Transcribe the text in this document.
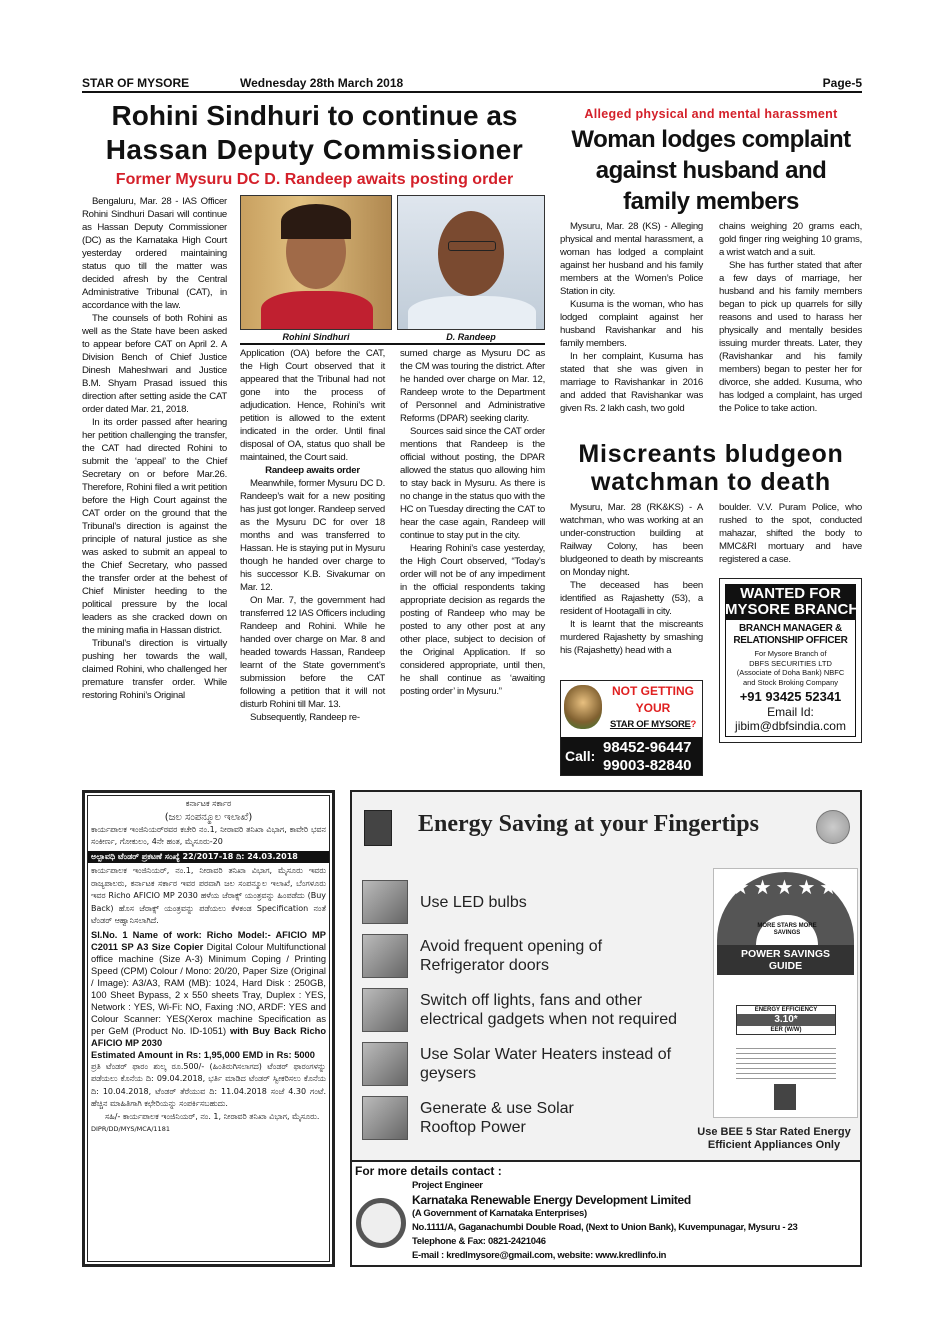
STAR OF MYSORE	Wednesday 28th March 2018	Page-5
Rohini Sindhuri to continue as
Hassan Deputy Commissioner
Former Mysuru DC D. Randeep awaits posting order

Bengaluru, Mar. 28 - IAS Officer Rohini Sindhuri Dasari will continue as Hassan Deputy Commissioner (DC) as the Karnataka High Court yesterday ordered maintaining status quo till the matter was decided afresh by the Central Administrative Tribunal (CAT), in accordance with the law.

The counsels of both Rohini as well as the State have been asked to appear before CAT on April 2. A Division Bench of Chief Justice Dinesh Maheshwari and Justice B.M. Shyam Prasad issued this direction after setting aside the CAT order dated Mar. 21, 2018.

In its order passed after hearing her petition challenging the transfer, the CAT had directed Rohini to submit the ‘appeal’ to the Chief Secretary on or before Mar.26. Therefore, Rohini filed a writ petition before the High Court against the CAT order on the ground that the Tribunal’s direction is against the principle of natural justice as she was asked to submit an appeal to the Chief Secretary, who passed the transfer order at the behest of Chief Minister heeding to the political pressure by the local leaders as she cracked down on the mining mafia in Hassan district.

Tribunal’s direction is virtually pushing her towards the wall, claimed Rohini, who challenged her premature transfer order. While restoring Rohini’s Original

Rohini Sindhuri	D. Randeep

Application (OA) before the CAT, the High Court observed that it appeared that the Tribunal had not gone into the process of adjudication. Hence, Rohini’s writ petition is allowed to the extent indicated in the order. Until final disposal of OA, status quo shall be maintained, the Court said.

Randeep awaits order

Meanwhile, former Mysuru DC D. Randeep’s wait for a new positing has just got longer. Randeep served as the Mysuru DC for over 18 months and was transferred to Hassan. He is staying put in Mysuru though he handed over charge to his successor K.B. Sivakumar on Mar. 12.

On Mar. 7, the government had transferred 12 IAS Officers including Randeep and Rohini. While he handed over charge on Mar. 8 and headed towards Hassan, Randeep learnt of the State government’s submission before the CAT following a petition that it will not disturb Rohini till Mar. 13.

Subsequently, Randeep re-

sumed charge as Mysuru DC as the CM was touring the district. After he handed over charge on Mar. 12, Randeep wrote to the Department of Personnel and Administrative Reforms (DPAR) seeking clarity.

Sources said since the CAT order mentions that Randeep is the official without posting, the DPAR allowed the status quo allowing him to stay back in Mysuru. As there is no change in the status quo with the HC on Tuesday directing the CAT to hear the case again, Randeep will continue to stay put in the city.

Hearing Rohini’s case yesterday, the High Court observed, “Today’s order will not be of any impediment in the official respondents taking appropriate decision as regards the posting of Randeep who may be posted to any other post at any other place, subject to decision of the Original Application. If so considered appropriate, until then, he shall continue as ‘awaiting posting order’ in Mysuru.”

Alleged physical and mental harassment
Woman lodges complaint
against husband and
family members

Mysuru, Mar. 28 (KS) - Alleging physical and mental harassment, a woman has lodged a complaint against her husband and his family members at the Women’s Police Station in city.

Kusuma is the woman, who has lodged complaint against her husband Ravishankar and his family members.

In her complaint, Kusuma has stated that she was given in marriage to Ravishankar in 2016 and added that Ravishankar was given Rs. 2 lakh cash, two gold

chains weighing 20 grams each, gold finger ring weighing 10 grams, a wrist watch and a suit.

She has further stated that after a few days of marriage, her husband and his family members began to pick up quarrels for silly reasons and used to harass her physically and mentally besides issuing murder threats. Later, they (Ravishankar and his family members) began to pester her for divorce, she added. Kusuma, who has lodged a complaint, has urged the Police to take action.

Miscreants bludgeon
watchman to death

Mysuru, Mar. 28 (RK&KS) - A watchman, who was working at an under-construction building at Railway Colony, has been bludgeoned to death by miscreants on Monday night.

The deceased has been identified as Rajashetty (53), a resident of Hootagalli in city.

It is learnt that the miscreants murdered Rajashetty by smashing his (Rajashetty) head with a

boulder. V.V. Puram Police, who rushed to the spot, conducted mahazar, shifted the body to MMC&RI mortuary and have registered a case.

NOT GETTING
YOUR
STAR OF MYSORE?
Call: 98452-96447
99003-82840
WANTED FOR
MYSORE BRANCH
BRANCH MANAGER & RELATIONSHIP OFFICER
For Mysore Branch of
DBFS SECURITIES LTD
(Associate of Doha Bank) NBFC
and Stock Broking Company
+91 93425 52341
Email Id:
jibim@dbfsindia.com
ಕರ್ನಾಟಕ ಸರ್ಕಾರ
(ಜಲ ಸಂಪನ್ಮೂಲ ಇಲಾಖೆ)
ಕಾರ್ಯಪಾಲಕ ಇಂಜಿನಿಯರ್‌ರವರ ಕಚೇರಿ ನಂ.1, ನೀರಾವರಿ ತನಿಖಾ ವಿಭಾಗ, ಕಾವೇರಿ ಭವನ ಸಂಕೀರ್ಣ, ಗೋಕುಲಂ, 4ನೇ ಹಂತ, ಮೈಸೂರು-20
ಅಲ್ಪಾವಧಿ ಟೆಂಡರ್ ಪ್ರಕಟಣೆ ಸಂಖ್ಯೆ 22/2017-18 ದಿ: 24.03.2018
ಕಾರ್ಯಪಾಲಕ ಇಂಜಿನಿಯರ್, ನಂ.1, ನೀರಾವರಿ ತನಿಖಾ ವಿಭಾಗ, ಮೈಸೂರು ಇವರು ರಾಜ್ಯಪಾಲರು, ಕರ್ನಾಟಕ ಸರ್ಕಾರ ಇವರ ಪರವಾಗಿ ಜಲ ಸಂಪನ್ಮೂಲ ಇಲಾಖೆ, ಬೆಂಗಳೂರು ಇವರ Richo AFICIO MP 2030 ಹಳೆಯ ಜೆರಾಕ್ಸ್ ಯಂತ್ರವನ್ನು ಹಿಂಪಡೆದು (Buy Back) ಹೊಸ ಜೆರಾಕ್ಸ್ ಯಂತ್ರವನ್ನು ಪಡೆಯಲು ಕೆಳಕಂಡ Specification ನಂತೆ ಟೆಂಡರ್ ಆಹ್ವಾನಿಸಲಾಗಿದೆ.
Sl.No. 1 Name of work: Richo Model:- AFICIO MP C2011 SP A3 Size Copier Digital Colour Multifunctional office machine (Size A-3) Minimum Coping / Printing Speed (CPM) Colour / Mono: 20/20, Paper Size (Original / Image): A3/A3, RAM (MB): 1024, Hard Disk : 250GB, 100 Sheet Bypass, 2 x 550 sheets Tray, Duplex : YES, Network : YES, Wi-Fi: NO, Faxing :NO, ARDF: YES and Colour Scanner: YES(Xerox machine Specification as per GeM (Product No. ID-1051) with Buy Back Richo AFICIO MP 2030
Estimated Amount in Rs: 1,95,000 EMD in Rs: 5000
ಪ್ರತಿ ಟೆಂಡರ್ ಫಾರಂ ಶುಲ್ಕ ರೂ.500/- (ಹಿಂತಿರುಗಿಸಲಾಗದ) ಟೆಂಡರ್ ಫಾರಂಗಳನ್ನು ಪಡೆಯಲು ಕೊನೆಯ ದಿ: 09.04.2018, ಭರ್ತಿ ಮಾಡಿದ ಟೆಂಡರ್ ಸ್ವೀಕರಿಸಲು ಕೊನೆಯ ದಿ: 10.04.2018, ಟೆಂಡರ್ ತೆರೆಯುವ ದಿ: 11.04.2018 ಸಂಜೆ 4.30 ಗಂಟೆ. ಹೆಚ್ಚಿನ ಮಾಹಿತಿಗಾಗಿ ಕಛೇರಿಯನ್ನು ಸಂಪರ್ಕಿಸಬಹುದು.
ಸಹಿ/- ಕಾರ್ಯಪಾಲಕ ಇಂಜಿನಿಯರ್, ನಂ. 1, ನೀರಾವರಿ ತನಿಖಾ ವಿಭಾಗ, ಮೈಸೂರು.
DIPR/DD/MYS/MCA/1181
Energy Saving at your Fingertips
Use LED bulbs
Avoid frequent opening of Refrigerator doors
Switch off lights, fans and other electrical gadgets when not required
Use Solar Water Heaters instead of geysers
Generate & use Solar Rooftop Power
★★★★★
MORE STARS MORE SAVINGS
POWER SAVINGS GUIDE
ENERGY EFFICIENCY
3.10*
EER (W/W)
Use BEE 5 Star Rated Energy Efficient Appliances Only
For more details contact :
Project Engineer
Karnataka Renewable Energy Development Limited
(A Government of Karnataka Enterprises)
No.1111/A, Gaganachumbi Double Road, (Next to Union Bank), Kuvempunagar, Mysuru - 23
Telephone & Fax: 0821-2421046
E-mail : kredlmysore@gmail.com, website: www.kredlinfo.in
